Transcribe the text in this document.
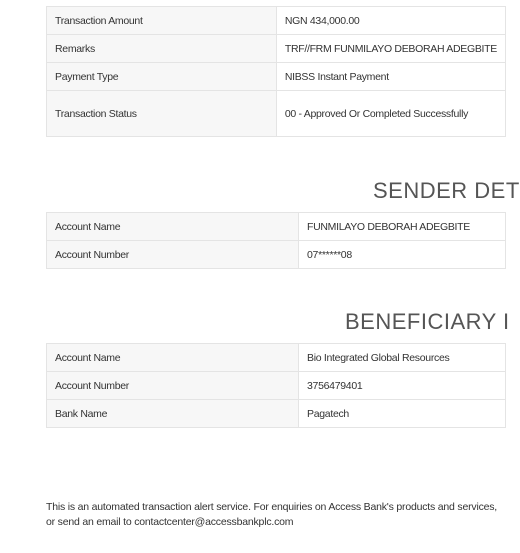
Transaction Amount	NGN 434,000.00
Remarks	TRF//FRM FUNMILAYO DEBORAH ADEGBITE
Payment Type	NIBSS Instant Payment
Transaction Status	00 - Approved Or Completed Successfully
SENDER DET
Account Name	FUNMILAYO DEBORAH ADEGBITE
Account Number	07******08
BENEFICIARY I
Account Name	Bio Integrated Global Resources
Account Number	3756479401
Bank Name	Pagatech
This is an automated transaction alert service. For enquiries on Access Bank's products and services,
or send an email to contactcenter@accessbankplc.com
